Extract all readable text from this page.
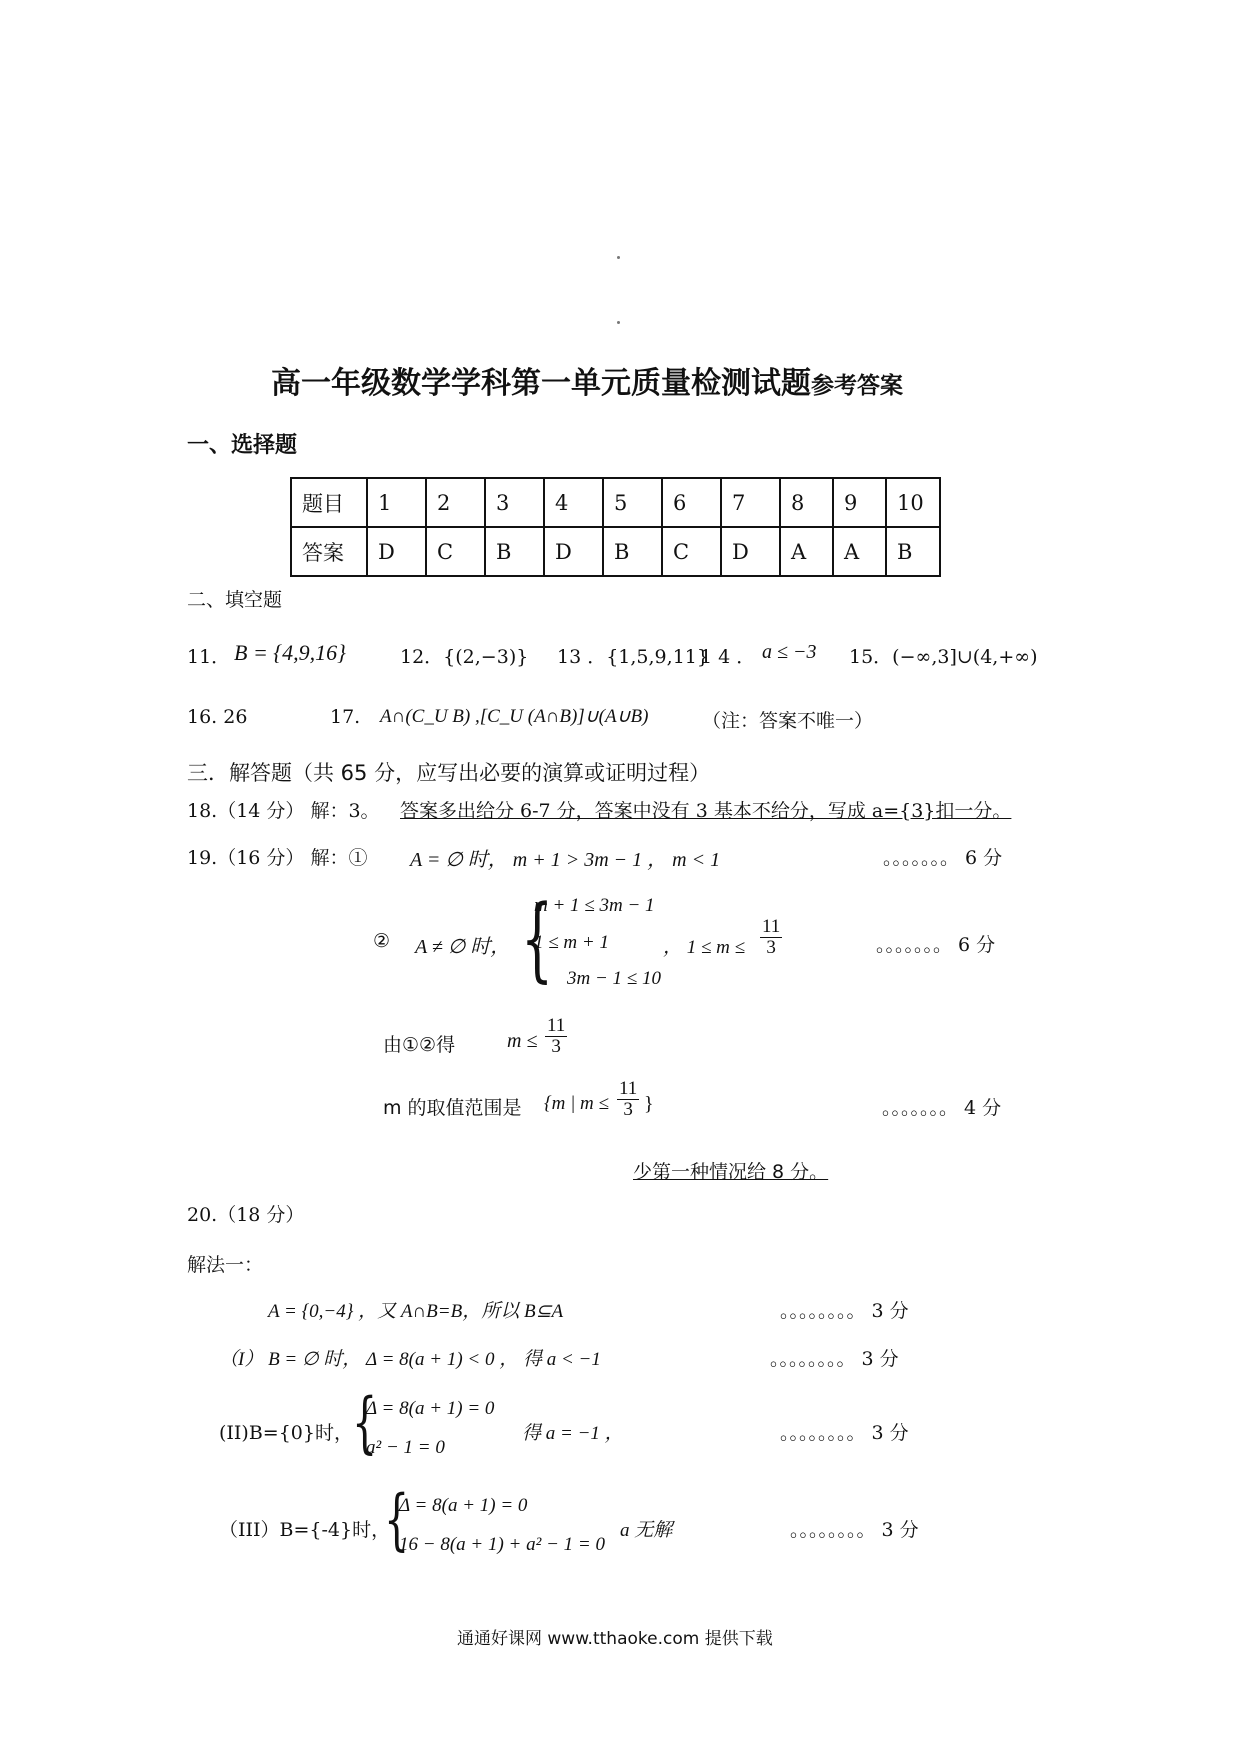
高一年级数学学科第一单元质量检测试题参考答案
一、选择题
题目	1	2	3	4	5	6	7	8	9	10
答案	D	C	B	D	B	C	D	A	A	B
二、填空题
11． B = {4,9,16}	12．{(2,−3)} 13 ．{1,5,9,11}
1 4 ． a ≤ −3 15．(−∞,3]∪(4,+∞)
16. 26	17. A∩(C_U B) ,[C_U (A∩B)]∪(A∪B)	（注：答案不唯一）
三．解答题（共 65 分，应写出必要的演算或证明过程）
18.（14 分） 解：3。 答案多出给分 6-7 分，答案中没有 3 基本不给分，写成 a={3}扣一分。
19.（16 分） 解：① A = ∅ 时， m + 1 > 3m − 1 ， m < 1	。。。。。。。 6 分
② A ≠ ∅ 时， {
m + 1 ≤ 3m − 1
1 ≤ m + 1
3m − 1 ≤ 10
， $1 \le m \le \frac{11}{3}$	。。。。。。。 6 分
由①②得	$m \le \frac{11}{3}$
m 的取值范围是 {m | $m \le \frac{11}{3}$ }	。。。。。。。 4 分
少第一种情况给 8 分。
20.（18 分）
解法一：
A = {0,−4} ，又 A∩B=B，所以 B⊆A	。。。。。。。。 3 分
（I） B = ∅ 时， Δ = 8(a + 1) < 0 ， 得 a < −1	。。。。。。。。 3 分
(II)B={0}时， {
Δ = 8(a + 1) = 0
a² − 1 = 0
得 a = −1 ，	。。。。。。。。 3 分
（III）B={-4}时，
{
Δ = 8(a + 1) = 0
16 − 8(a + 1) + a² − 1 = 0
a 无解	。。。。。。。。 3 分
通通好课网 www.tthaoke.com 提供下载
